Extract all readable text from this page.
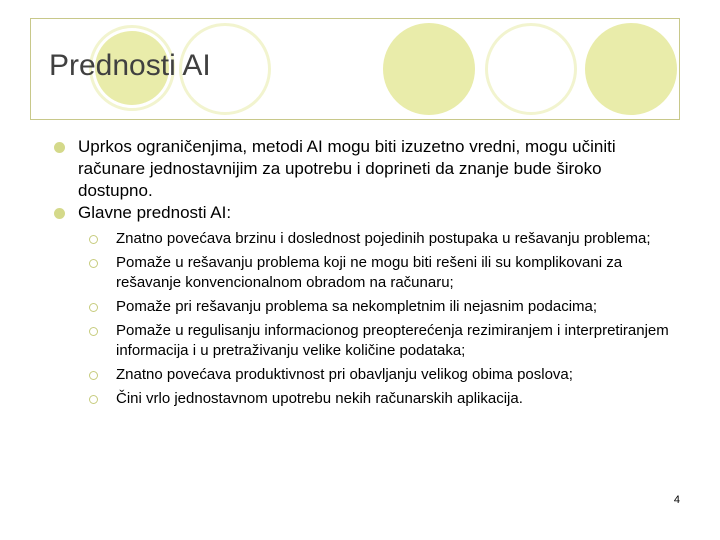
Prednosti AI
Uprkos ograničenjima, metodi AI mogu biti izuzetno vredni, mogu učiniti računare jednostavnijim za upotrebu i doprineti da znanje bude široko dostupno.
Glavne prednosti AI:
Znatno povećava brzinu i doslednost pojedinih postupaka u rešavanju problema;
Pomaže u rešavanju problema koji ne mogu biti rešeni ili su komplikovani za rešavanje konvencionalnom obradom na računaru;
Pomaže pri rešavanju problema sa nekompletnim ili nejasnim podacima;
Pomaže u regulisanju informacionog preopterećenja rezimiranjem i interpretiranjem informacija i u pretraživanju velike količine podataka;
Znatno povećava produktivnost pri obavljanju velikog obima poslova;
Čini vrlo jednostavnom upotrebu nekih računarskih aplikacija.
4
